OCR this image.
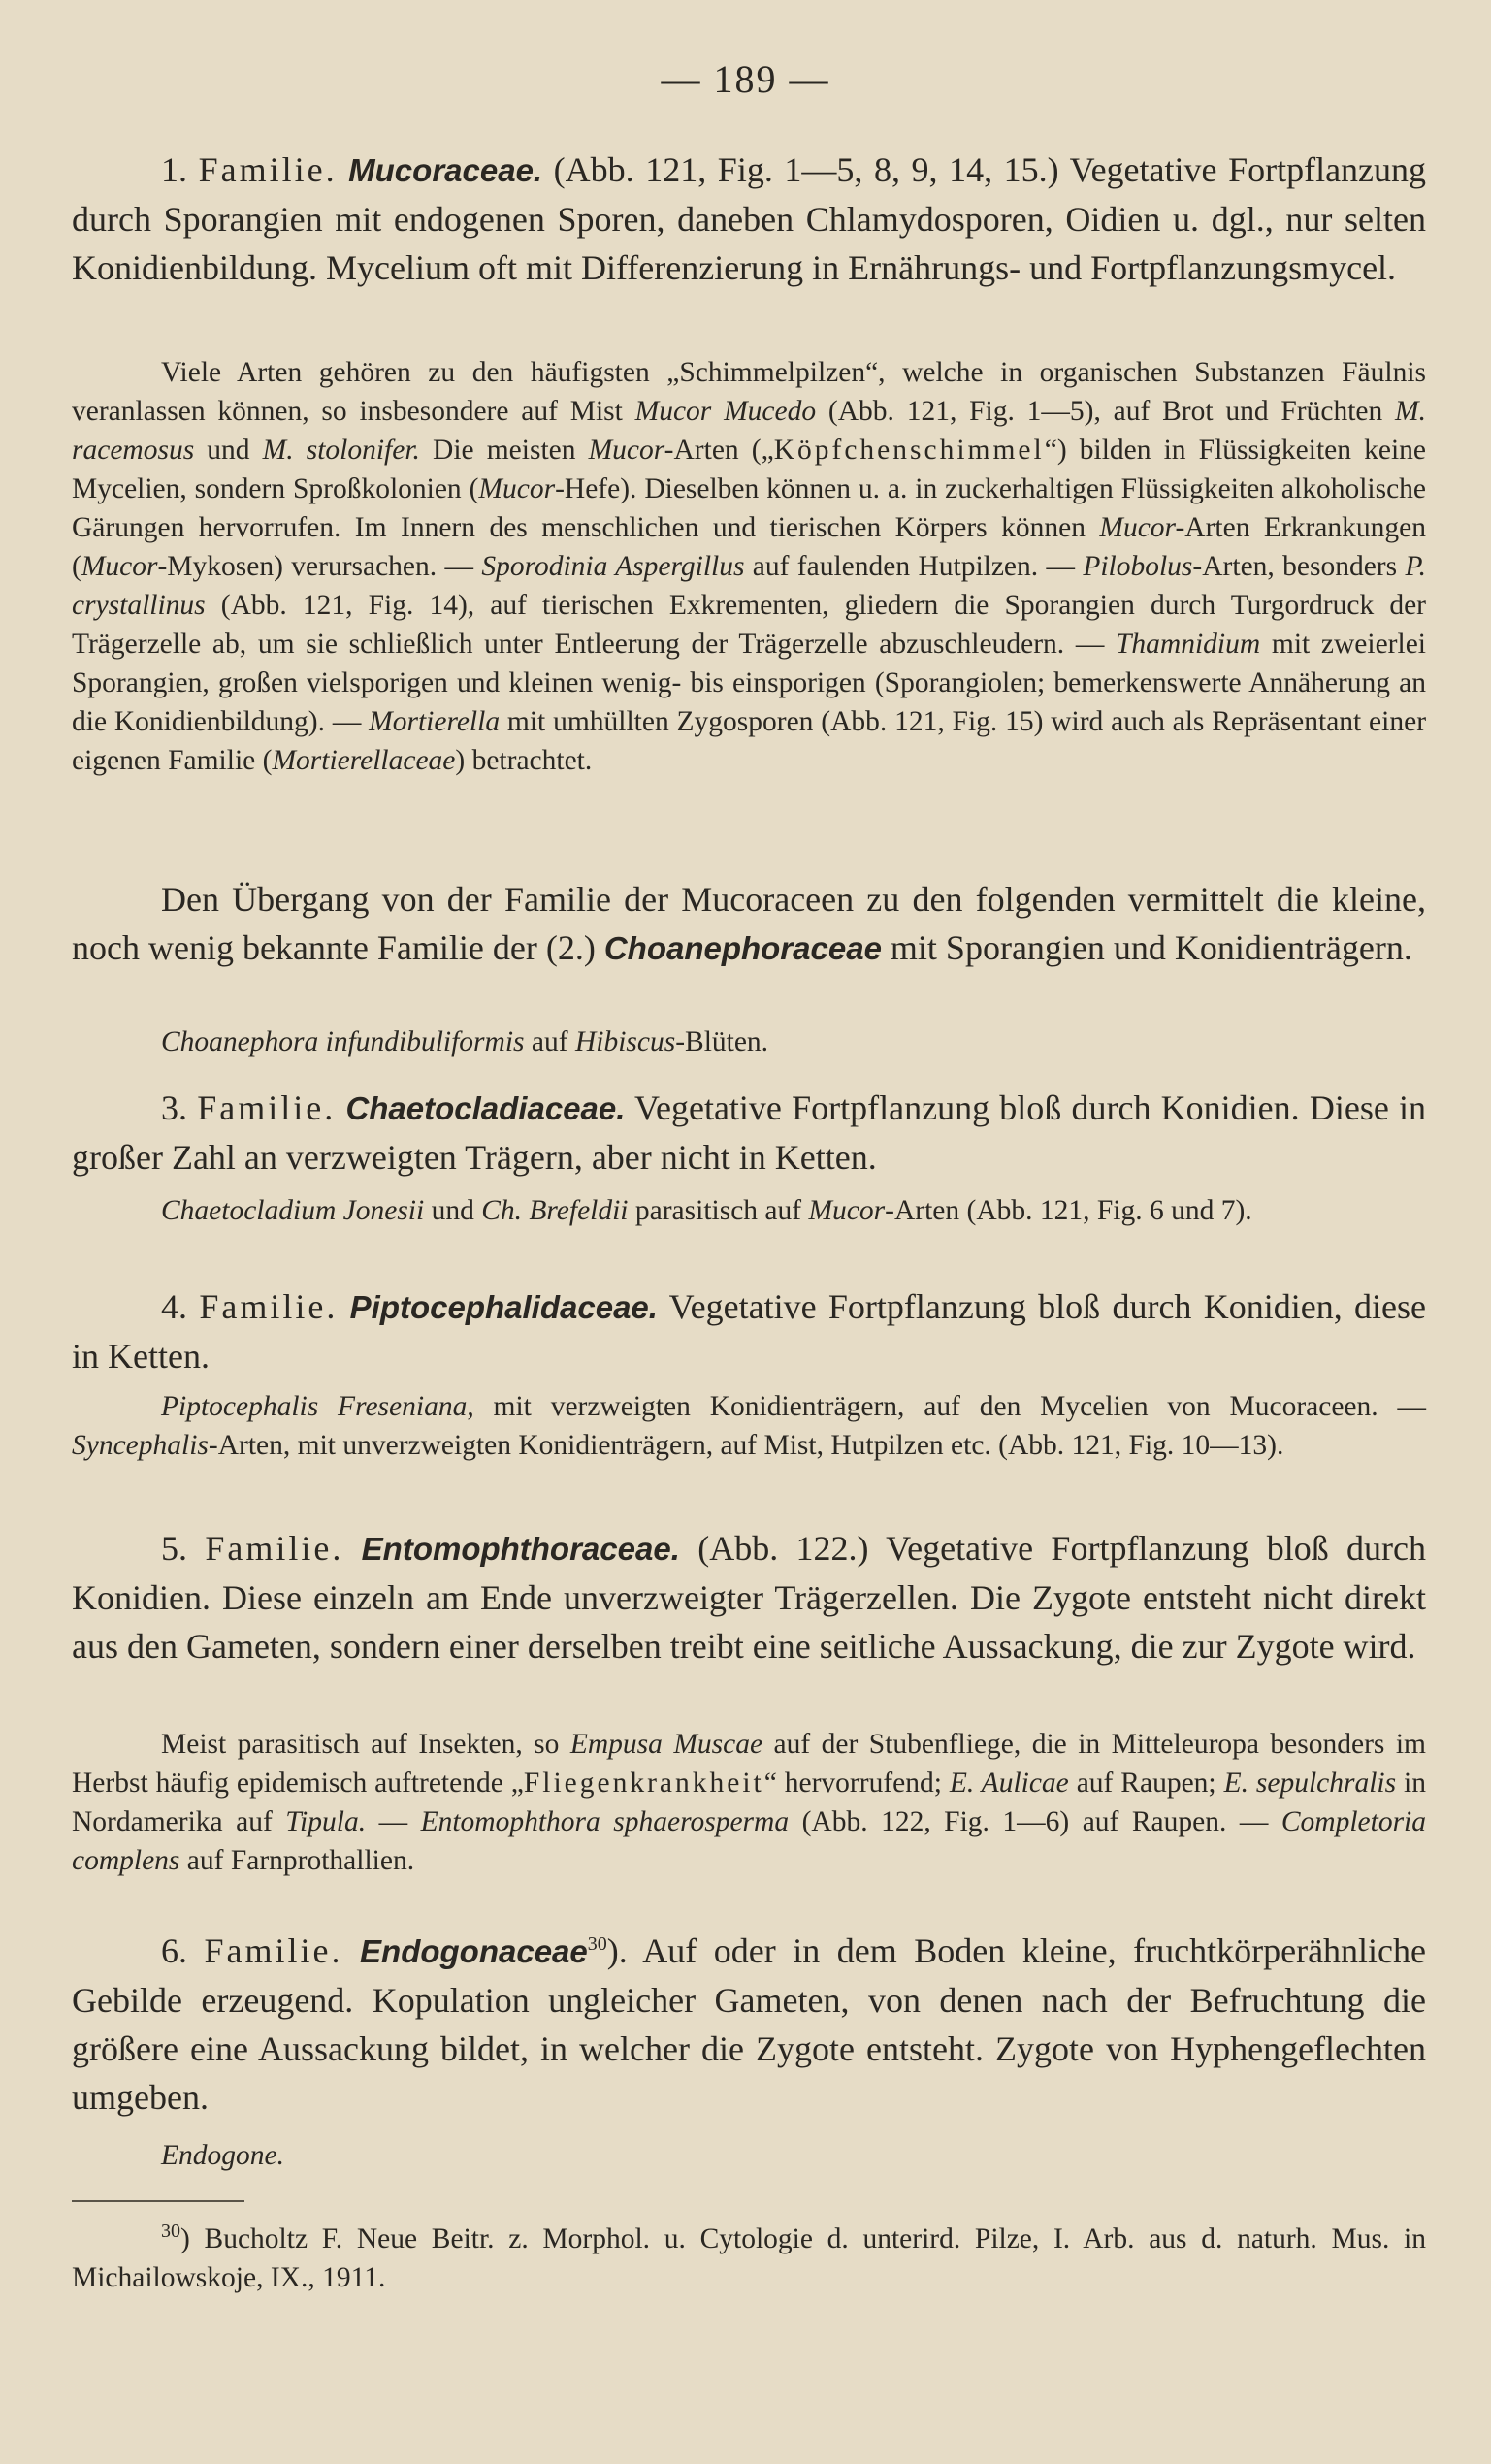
— 189 —
1. Familie. Mucoraceae. (Abb. 121, Fig. 1—5, 8, 9, 14, 15.) Vegetative Fortpflanzung durch Sporangien mit endogenen Sporen, daneben Chlamydosporen, Oidien u. dgl., nur selten Konidienbildung. Mycelium oft mit Differenzierung in Ernährungs- und Fortpflanzungsmycel.
Viele Arten gehören zu den häufigsten „Schimmelpilzen“, welche in organischen Substanzen Fäulnis veranlassen können, so insbesondere auf Mist Mucor Mucedo (Abb. 121, Fig. 1—5), auf Brot und Früchten M. racemosus und M. stolonifer. Die meisten Mucor-Arten („Köpfchenschimmel“) bilden in Flüssigkeiten keine Mycelien, sondern Sproßkolonien (Mucor-Hefe). Dieselben können u. a. in zuckerhaltigen Flüssigkeiten alkoholische Gärungen hervorrufen. Im Innern des menschlichen und tierischen Körpers können Mucor-Arten Erkrankungen (Mucor-Mykosen) verursachen. — Sporodinia Aspergillus auf faulenden Hutpilzen. — Pilobolus-Arten, besonders P. crystallinus (Abb. 121, Fig. 14), auf tierischen Exkrementen, gliedern die Sporangien durch Turgordruck der Trägerzelle ab, um sie schließlich unter Entleerung der Trägerzelle abzuschleudern. — Thamnidium mit zweierlei Sporangien, großen vielsporigen und kleinen wenig- bis einsporigen (Sporangiolen; bemerkenswerte Annäherung an die Konidienbildung). — Mortierella mit umhüllten Zygosporen (Abb. 121, Fig. 15) wird auch als Repräsentant einer eigenen Familie (Mortierellaceae) betrachtet.
Den Übergang von der Familie der Mucoraceen zu den folgenden vermittelt die kleine, noch wenig bekannte Familie der (2.) Choanephoraceae mit Sporangien und Konidienträgern.
Choanephora infundibuliformis auf Hibiscus-Blüten.
3. Familie. Chaetocladiaceae. Vegetative Fortpflanzung bloß durch Konidien. Diese in großer Zahl an verzweigten Trägern, aber nicht in Ketten.
Chaetocladium Jonesii und Ch. Brefeldii parasitisch auf Mucor-Arten (Abb. 121, Fig. 6 und 7).
4. Familie. Piptocephalidaceae. Vegetative Fortpflanzung bloß durch Konidien, diese in Ketten.
Piptocephalis Freseniana, mit verzweigten Konidienträgern, auf den Mycelien von Mucoraceen. — Syncephalis-Arten, mit unverzweigten Konidienträgern, auf Mist, Hutpilzen etc. (Abb. 121, Fig. 10—13).
5. Familie. Entomophthoraceae. (Abb. 122.) Vegetative Fortpflanzung bloß durch Konidien. Diese einzeln am Ende unverzweigter Trägerzellen. Die Zygote entsteht nicht direkt aus den Gameten, sondern einer derselben treibt eine seitliche Aussackung, die zur Zygote wird.
Meist parasitisch auf Insekten, so Empusa Muscae auf der Stubenfliege, die in Mitteleuropa besonders im Herbst häufig epidemisch auftretende „Fliegenkrankheit“ hervorrufend; E. Aulicae auf Raupen; E. sepulchralis in Nordamerika auf Tipula. — Entomophthora sphaerosperma (Abb. 122, Fig. 1—6) auf Raupen. — Completoria complens auf Farnprothallien.
6. Familie. Endogonaceae$^{30}$). Auf oder in dem Boden kleine, fruchtkörperähnliche Gebilde erzeugend. Kopulation ungleicher Gameten, von denen nach der Befruchtung die größere eine Aussackung bildet, in welcher die Zygote entsteht. Zygote von Hyphengeflechten umgeben.
Endogone.
$^{30}$) Bucholtz F. Neue Beitr. z. Morphol. u. Cytologie d. unterird. Pilze, I. Arb. aus d. naturh. Mus. in Michailowskoje, IX., 1911.
